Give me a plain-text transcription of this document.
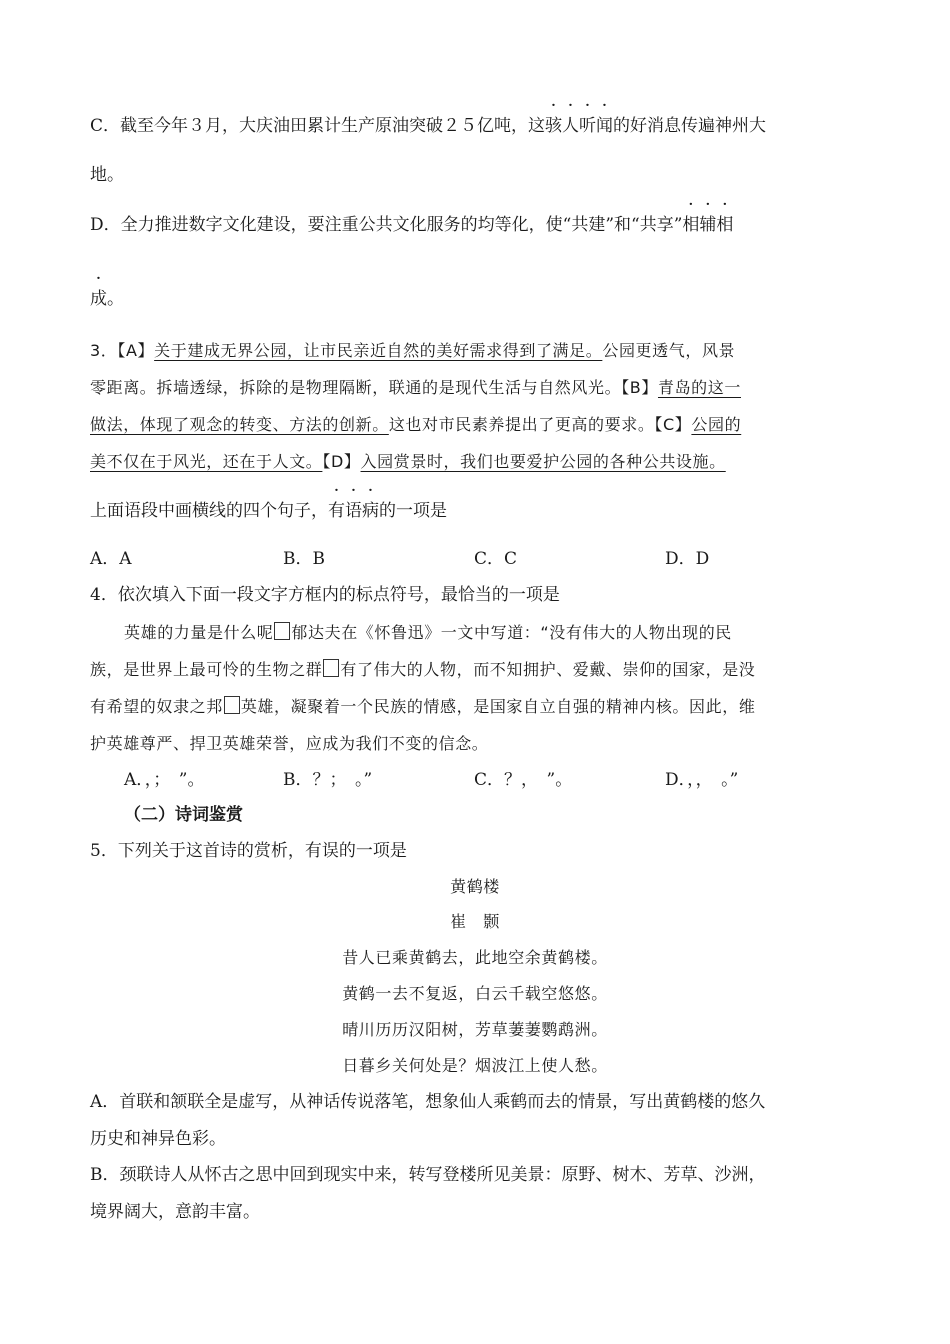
C．截至今年３月，大庆油田累计生产原油突破２５亿吨，这骇人听闻的好消息传遍神州大
地。
D．全力推进数字文化建设，要注重公共文化服务的均等化，使“共建”和“共享”相辅相
成。
3．【A】关于建成无界公园，让市民亲近自然的美好需求得到了满足。公园更透气，风景
零距离。拆墙透绿，拆除的是物理隔断，联通的是现代生活与自然风光。【B】青岛的这一
做法，体现了观念的转变、方法的创新。这也对市民素养提出了更高的要求。【C】公园的
美不仅在于风光，还在于人文。【D】入园赏景时，我们也要爱护公园的各种公共设施。
上面语段中画横线的四个句子，有语病的一项是
A．A	B．B	C．C	D．D
4．依次填入下面一段文字方框内的标点符号，最恰当的一项是
英雄的力量是什么呢 郁达夫在《怀鲁迅》一文中写道：“没有伟大的人物出现的民
族，是世界上最可怜的生物之群 有了伟大的人物，而不知拥护、爱戴、崇仰的国家，是没
有希望的奴隶之邦 英雄，凝聚着一个民族的情感，是国家自立自强的精神内核。因此，维
护英雄尊严、捍卫英雄荣誉，应成为我们不变的信念。
A．，；　”。	B．？；　。”	C．？，　”。	D．，，　。”
（二）诗词鉴赏
5．下列关于这首诗的赏析，有误的一项是
黄鹤楼
崔　颢
昔人已乘黄鹤去，此地空余黄鹤楼。
黄鹤一去不复返，白云千载空悠悠。
晴川历历汉阳树，芳草萋萋鹦鹉洲。
日暮乡关何处是？烟波江上使人愁。
A．首联和颔联全是虚写，从神话传说落笔，想象仙人乘鹤而去的情景，写出黄鹤楼的悠久
历史和神异色彩。
B．颈联诗人从怀古之思中回到现实中来，转写登楼所见美景：原野、树木、芳草、沙洲，
境界阔大，意韵丰富。
